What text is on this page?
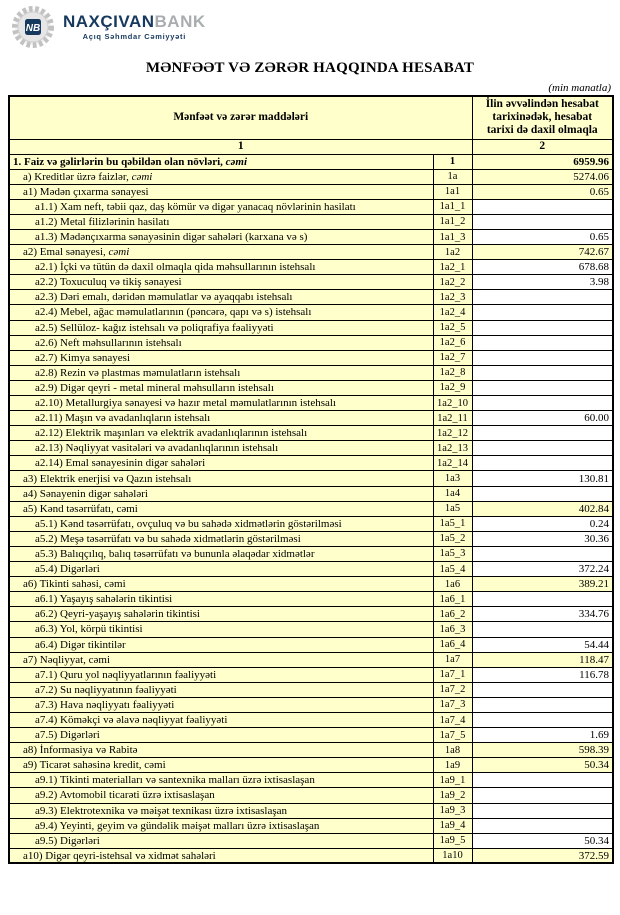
NB NAXÇIVANBANK
Açıq Səhmdar Cəmiyyəti
MƏNFƏƏT VƏ ZƏRƏR HAQQINDA HESABAT
(min manatla)
Mənfəət və zərər maddələri		İlin əvvəlindən hesabat tarixinədək, hesabat tarixi də daxil olmaqla
1		2
1. Faiz və gəlirlərin bu qəbildən olan növləri, cəmi	1	6959.96
a) Kreditlər üzrə faizlər, cəmi	1a	5274.06
a1) Mədən çıxarma sənayesi	1a1	0.65
a1.1) Xam neft, təbii qaz, daş kömür və digər yanacaq növlərinin hasilatı	1a1_1	
a1.2) Metal filizlərinin hasilatı	1a1_2	
a1.3) Mədənçıxarma sənayəsinin digər sahələri (karxana və s)	1a1_3	0.65
a2) Emal sənayesi, cəmi	1a2	742.67
a2.1) İçki və tütün də daxil olmaqla qida məhsullarının istehsalı	1a2_1	678.68
a2.2) Toxuculuq və tikiş sənayesi	1a2_2	3.98
a2.3) Dəri emalı, dəridən məmulatlar və ayaqqabı istehsalı	1a2_3	
a2.4) Mebel, ağac məmulatlarının (pəncərə, qapı və s) istehsalı	1a2_4	
a2.5) Sellüloz- kağız istehsalı və poliqrafiya fəaliyyəti	1a2_5	
a2.6) Neft məhsullarının istehsalı	1a2_6	
a2.7) Kimya sənayesi	1a2_7	
a2.8) Rezin və plastmas məmulatların istehsalı	1a2_8	
a2.9) Digər qeyri - metal mineral məhsulların istehsalı	1a2_9	
a2.10) Metallurgiya sənayesi və hazır metal məmulatlarının istehsalı	1a2_10	
a2.11) Maşın və avadanlıqların istehsalı	1a2_11	60.00
a2.12) Elektrik maşınları və elektrik avadanlıqlarının istehsalı	1a2_12	
a2.13) Nəqliyyat vasitələri və avadanlıqlarının istehsalı	1a2_13	
a2.14) Emal sənayesinin digər sahələri	1a2_14	
a3) Elektrik enerjisi və Qazın istehsalı	1a3	130.81
a4) Sənayenin digər sahələri	1a4	
a5) Kənd təsərrüfatı, cəmi	1a5	402.84
a5.1) Kənd təsərrüfatı, ovçuluq və bu sahədə xidmətlərin göstərilməsi	1a5_1	0.24
a5.2) Meşə təsərrüfatı və bu sahədə xidmətlərin göstərilməsi	1a5_2	30.36
a5.3) Balıqçılıq, balıq təsərrüfatı və bununla əlaqədar xidmətlər	1a5_3	
a5.4) Digərləri	1a5_4	372.24
a6) Tikinti sahəsi, cəmi	1a6	389.21
a6.1) Yaşayış sahələrin tikintisi	1a6_1	
a6.2) Qeyri-yaşayış sahələrin tikintisi	1a6_2	334.76
a6.3) Yol, körpü tikintisi	1a6_3	
a6.4) Digər tikintilər	1a6_4	54.44
a7) Nəqliyyat, cəmi	1a7	118.47
a7.1) Quru yol nəqliyyatlarının fəaliyyəti	1a7_1	116.78
a7.2) Su nəqliyyatının fəaliyyəti	1a7_2	
a7.3) Hava nəqliyyatı fəaliyyəti	1a7_3	
a7.4) Köməkçi və əlavə nəqliyyat fəaliyyəti	1a7_4	
a7.5) Digərləri	1a7_5	1.69
a8) İnformasiya və Rabitə	1a8	598.39
a9) Ticarət sahəsinə kredit, cəmi	1a9	50.34
a9.1) Tikinti materialları və santexnika malları üzrə ixtisaslaşan	1a9_1	
a9.2) Avtomobil ticarəti üzrə ixtisaslaşan	1a9_2	
a9.3) Elektrotexnika və məişət texnikası üzrə ixtisaslaşan	1a9_3	
a9.4) Yeyinti, geyim və gündəlik məişət malları üzrə ixtisaslaşan	1a9_4	
a9.5) Digərləri	1a9_5	50.34
a10) Digər qeyri-istehsal və xidmət sahələri	1a10	372.59
